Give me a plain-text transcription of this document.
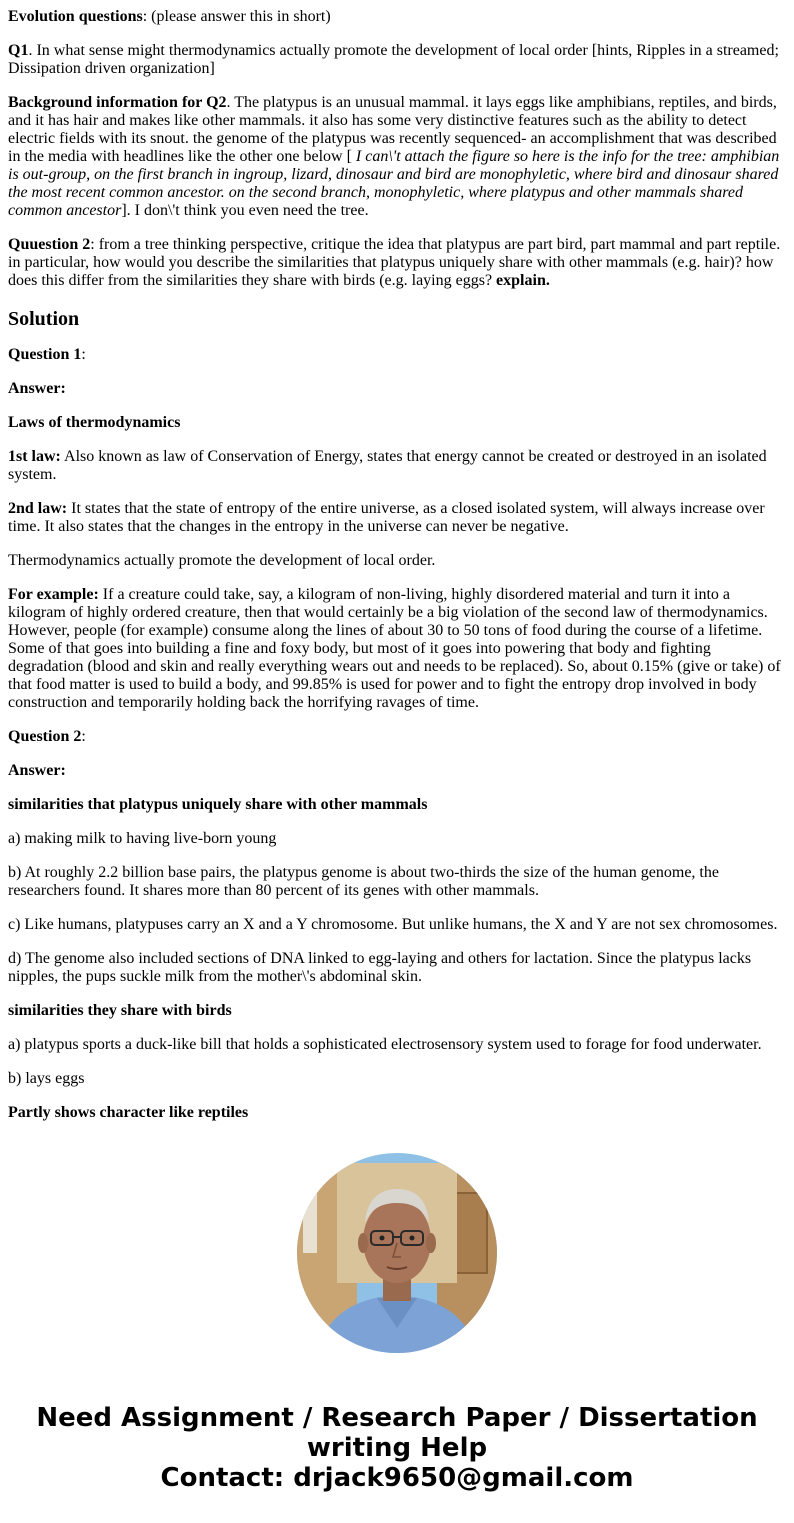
Evolution questions: (please answer this in short)

Q1. In what sense might thermodynamics actually promote the development of local order [hints, Ripples in a streamed; Dissipation driven organization]

Background information for Q2. The platypus is an unusual mammal. it lays eggs like amphibians, reptiles, and birds, and it has hair and makes like other mammals. it also has some very distinctive features such as the ability to detect electric fields with its snout. the genome of the platypus was recently sequenced- an accomplishment that was described in the media with headlines like the other one below [ I can\'t attach the figure so here is the info for the tree: amphibian is out-group, on the first branch in ingroup, lizard, dinosaur and bird are monophyletic, where bird and dinosaur shared the most recent common ancestor. on the second branch, monophyletic, where platypus and other mammals shared common ancestor]. I don\'t think you even need the tree.

Quuestion 2: from a tree thinking perspective, critique the idea that platypus are part bird, part mammal and part reptile. in particular, how would you describe the similarities that platypus uniquely share with other mammals (e.g. hair)? how does this differ from the similarities they share with birds (e.g. laying eggs? explain.

Solution

Question 1:

Answer:

Laws of thermodynamics

1st law: Also known as law of Conservation of Energy, states that energy cannot be created or destroyed in an isolated system.

2nd law: It states that the state of entropy of the entire universe, as a closed isolated system, will always increase over time. It also states that the changes in the entropy in the universe can never be negative.

Thermodynamics actually promote the development of local order.

For example: If a creature could take, say, a kilogram of non-living, highly disordered material and turn it into a kilogram of highly ordered creature, then that would certainly be a big violation of the second law of thermodynamics. However, people (for example) consume along the lines of about 30 to 50 tons of food during the course of a lifetime. Some of that goes into building a fine and foxy body, but most of it goes into powering that body and fighting degradation (blood and skin and really everything wears out and needs to be replaced). So, about 0.15% (give or take) of that food matter is used to build a body, and 99.85% is used for power and to fight the entropy drop involved in body construction and temporarily holding back the horrifying ravages of time.

Question 2:

Answer:

similarities that platypus uniquely share with other mammals

a) making milk to having live-born young

b) At roughly 2.2 billion base pairs, the platypus genome is about two-thirds the size of the human genome, the researchers found. It shares more than 80 percent of its genes with other mammals.

c) Like humans, platypuses carry an X and a Y chromosome. But unlike humans, the X and Y are not sex chromosomes.

d) The genome also included sections of DNA linked to egg-laying and others for lactation. Since the platypus lacks nipples, the pups suckle milk from the mother\'s abdominal skin.

similarities they share with birds

a) platypus sports a duck-like bill that holds a sophisticated electrosensory system used to forage for food underwater.

b) lays eggs

Partly shows character like reptiles

Need Assignment / Research Paper / Dissertation writing Help
Contact: drjack9650@gmail.com
